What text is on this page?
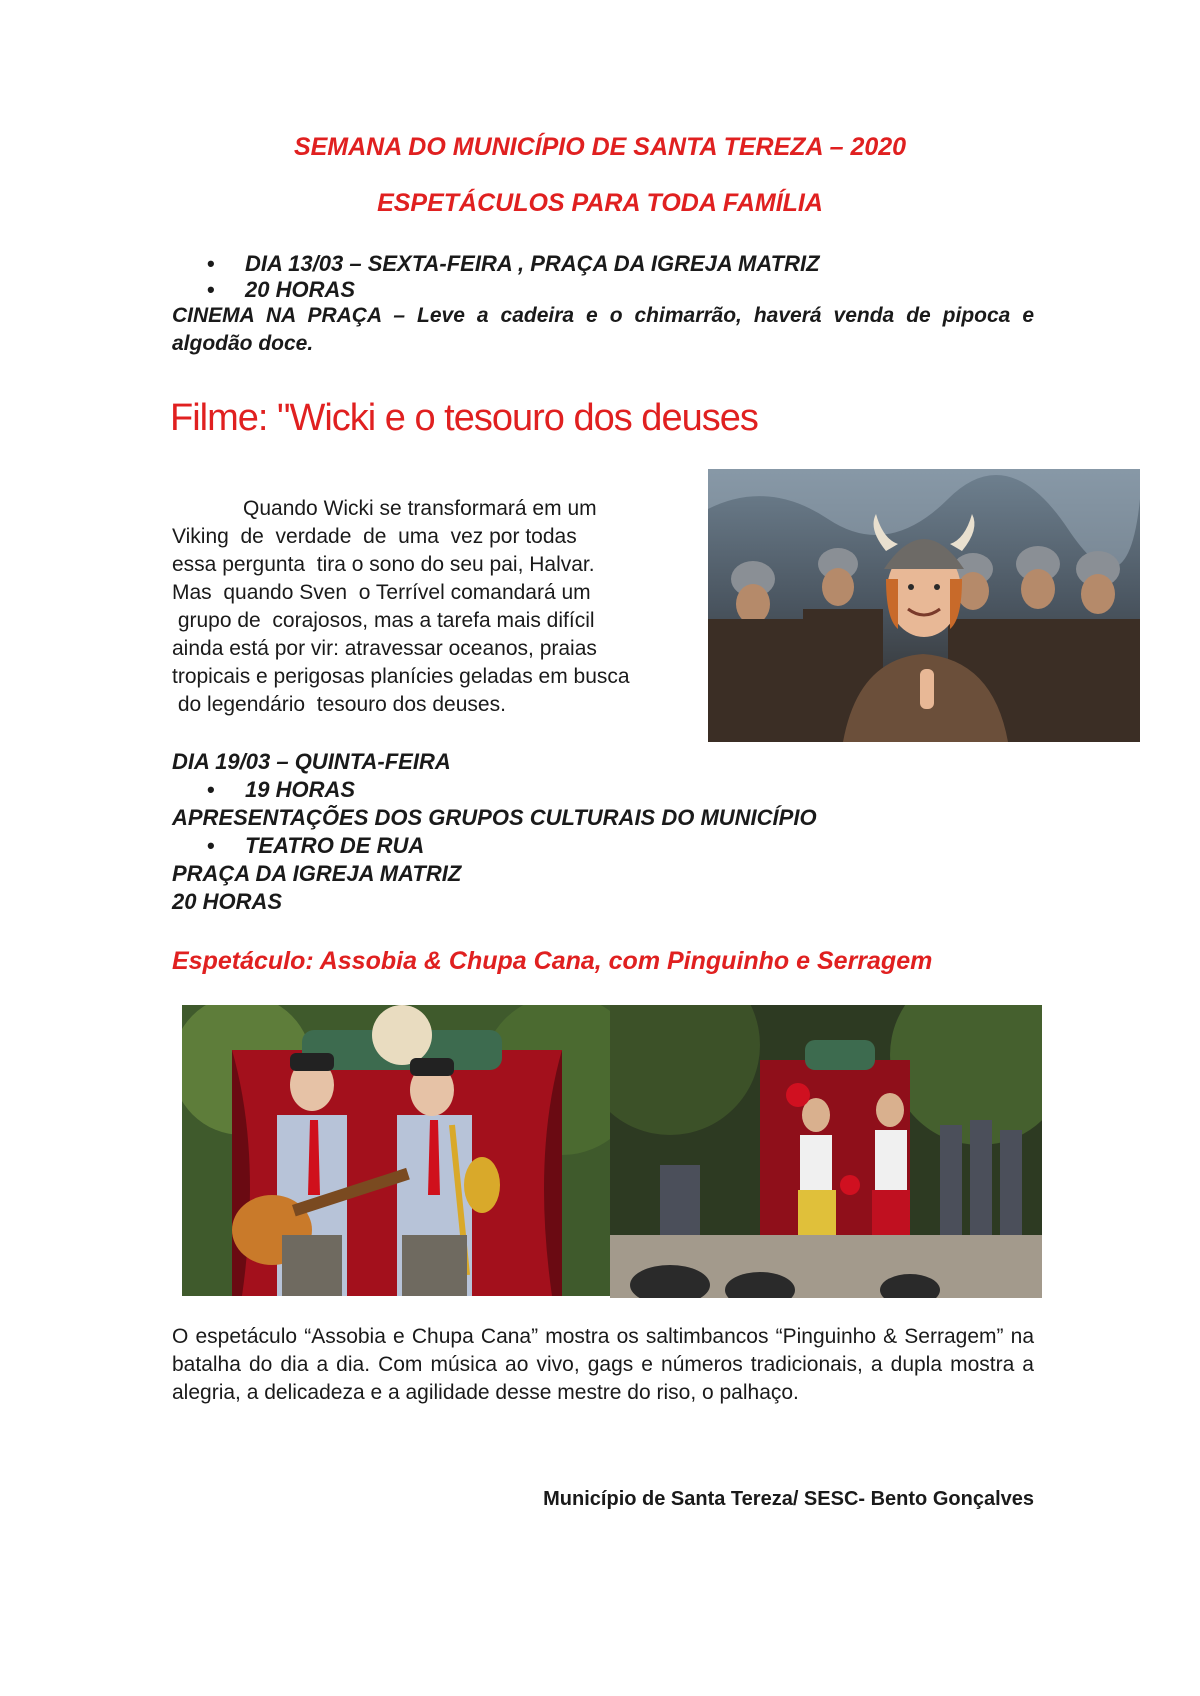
SEMANA DO MUNICÍPIO DE SANTA TEREZA – 2020
ESPETÁCULOS PARA TODA FAMÍLIA
• DIA 13/03 – SEXTA-FEIRA , PRAÇA DA IGREJA MATRIZ
• 20 HORAS
CINEMA NA PRAÇA – Leve a cadeira e o chimarrão, haverá venda de pipoca e algodão doce.
Filme: "Wicki e o tesouro dos deuses
Quando Wicki se transformará em um
Viking  de  verdade  de  uma  vez por todas
essa pergunta  tira o sono do seu pai, Halvar.
Mas  quando Sven  o Terrível comandará um
grupo de  corajosos, mas a tarefa mais difícil
ainda está por vir: atravessar oceanos, praias
tropicais e perigosas planícies geladas em busca
do legendário  tesouro dos deuses.
DIA 19/03 – QUINTA-FEIRA
• 19 HORAS
APRESENTAÇÕES DOS GRUPOS CULTURAIS DO MUNICÍPIO
• TEATRO DE RUA
PRAÇA DA IGREJA MATRIZ
20 HORAS
Espetáculo: Assobia & Chupa Cana, com Pinguinho e Serragem
O espetáculo “Assobia e Chupa Cana” mostra os saltimbancos “Pinguinho & Serragem” na batalha do dia a dia. Com música ao vivo, gags e números tradicionais, a dupla mostra a alegria, a delicadeza e a agilidade desse mestre do riso, o palhaço.
Município de Santa Tereza/ SESC- Bento Gonçalves
